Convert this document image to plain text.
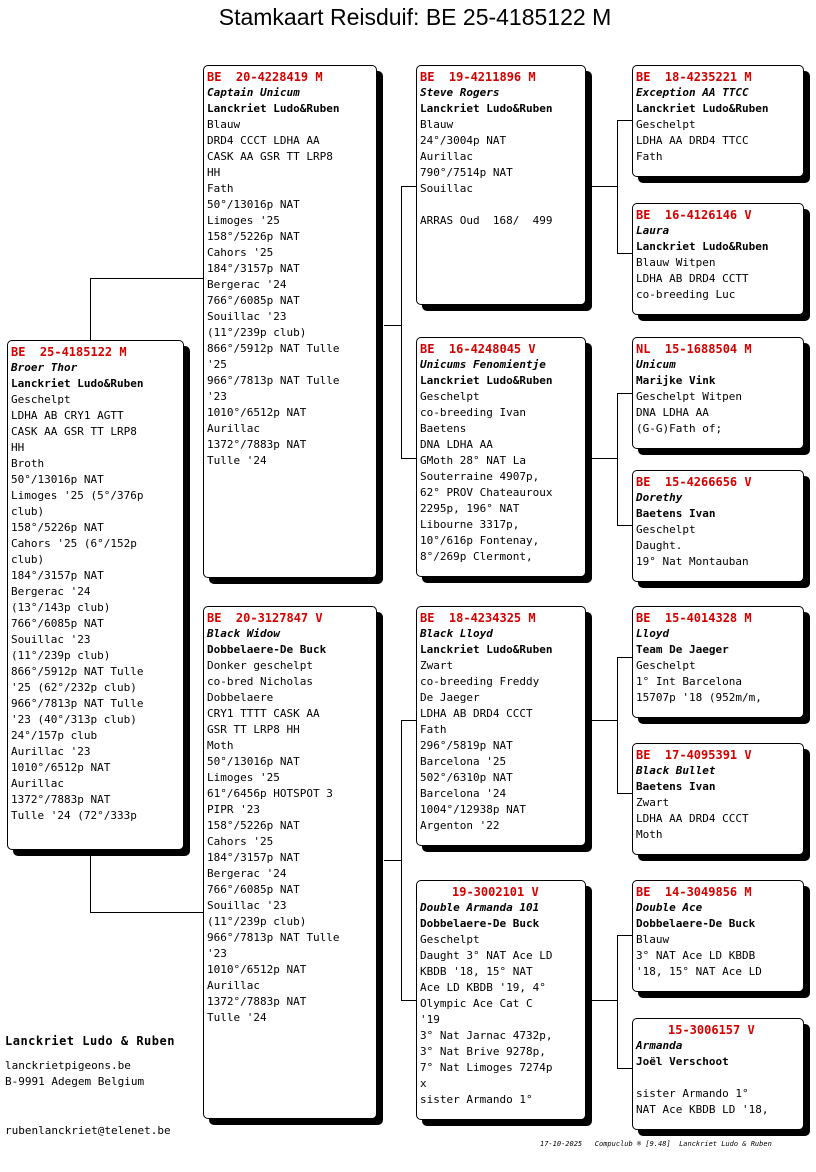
Stamkaart Reisduif: BE 25-4185122 M
BE  25-4185122 M
Broer Thor
Lanckriet Ludo&Ruben
Geschelpt
LDHA AB CRY1 AGTT
CASK AA GSR TT LRP8
HH
Broth
50°/13016p NAT
Limoges '25 (5°/376p
club)
158°/5226p NAT
Cahors '25 (6°/152p
club)
184°/3157p NAT
Bergerac '24
(13°/143p club)
766°/6085p NAT
Souillac '23
(11°/239p club)
866°/5912p NAT Tulle
'25 (62°/232p club)
966°/7813p NAT Tulle
'23 (40°/313p club)
24°/157p club
Aurillac '23
1010°/6512p NAT
Aurillac
1372°/7883p NAT
Tulle '24 (72°/333p
BE  20-4228419 M
Captain Unicum
Lanckriet Ludo&Ruben
Blauw
DRD4 CCCT LDHA AA
CASK AA GSR TT LRP8
HH
Fath
50°/13016p NAT
Limoges '25
158°/5226p NAT
Cahors '25
184°/3157p NAT
Bergerac '24
766°/6085p NAT
Souillac '23
(11°/239p club)
866°/5912p NAT Tulle
'25
966°/7813p NAT Tulle
'23
1010°/6512p NAT
Aurillac
1372°/7883p NAT
Tulle '24
BE  20-3127847 V
Black Widow
Dobbelaere-De Buck
Donker geschelpt
co-bred Nicholas
Dobbelaere
CRY1 TTTT CASK AA
GSR TT LRP8 HH
Moth
50°/13016p NAT
Limoges '25
61°/6456p HOTSPOT 3
PIPR '23
158°/5226p NAT
Cahors '25
184°/3157p NAT
Bergerac '24
766°/6085p NAT
Souillac '23
(11°/239p club)
966°/7813p NAT Tulle
'23
1010°/6512p NAT
Aurillac
1372°/7883p NAT
Tulle '24
BE  19-4211896 M
Steve Rogers
Lanckriet Ludo&Ruben
Blauw
24°/3004p NAT
Aurillac
790°/7514p NAT
Souillac
ARRAS Oud  168/  499
BE  16-4248045 V
Unicums Fenomientje
Lanckriet Ludo&Ruben
Geschelpt
co-breeding Ivan
Baetens
DNA LDHA AA
GMoth 28° NAT La
Souterraine 4907p,
62° PROV Chateauroux
2295p, 196° NAT
Libourne 3317p,
10°/616p Fontenay,
8°/269p Clermont,
BE  18-4234325 M
Black Lloyd
Lanckriet Ludo&Ruben
Zwart
co-breeding Freddy
De Jaeger
LDHA AB DRD4 CCCT
Fath
296°/5819p NAT
Barcelona '25
502°/6310p NAT
Barcelona '24
1004°/12938p NAT
Argenton '22
19-3002101 V
Double Armanda 101
Dobbelaere-De Buck
Geschelpt
Daught 3° NAT Ace LD
KBDB '18, 15° NAT
Ace LD KBDB '19, 4°
Olympic Ace Cat C
'19
3° Nat Jarnac 4732p,
3° Nat Brive 9278p,
7° Nat Limoges 7274p
x
sister Armando 1°
BE  18-4235221 M
Exception AA TTCC
Lanckriet Ludo&Ruben
Geschelpt
LDHA AA DRD4 TTCC
Fath
BE  16-4126146 V
Laura
Lanckriet Ludo&Ruben
Blauw Witpen
LDHA AB DRD4 CCTT
co-breeding Luc
NL  15-1688504 M
Unicum
Marijke Vink
Geschelpt Witpen
DNA LDHA AA
(G-G)Fath of;
BE  15-4266656 V
Dorethy
Baetens Ivan
Geschelpt
Daught.
19° Nat Montauban
BE  15-4014328 M
Lloyd
Team De Jaeger
Geschelpt
1° Int Barcelona
15707p '18 (952m/m,
BE  17-4095391 V
Black Bullet
Baetens Ivan
Zwart
LDHA AA DRD4 CCCT
Moth
BE  14-3049856 M
Double Ace
Dobbelaere-De Buck
Blauw
3° NAT Ace LD KBDB
'18, 15° NAT Ace LD
15-3006157 V
Armanda
Joël Verschoot
sister Armando 1°
NAT Ace KBDB LD '18,
Lanckriet Ludo & Ruben
lanckrietpigeons.be
B-9991 Adegem Belgium
rubenlanckriet@telenet.be
17-10-2025   Compuclub ® [9.48]  Lanckriet Ludo & Ruben
